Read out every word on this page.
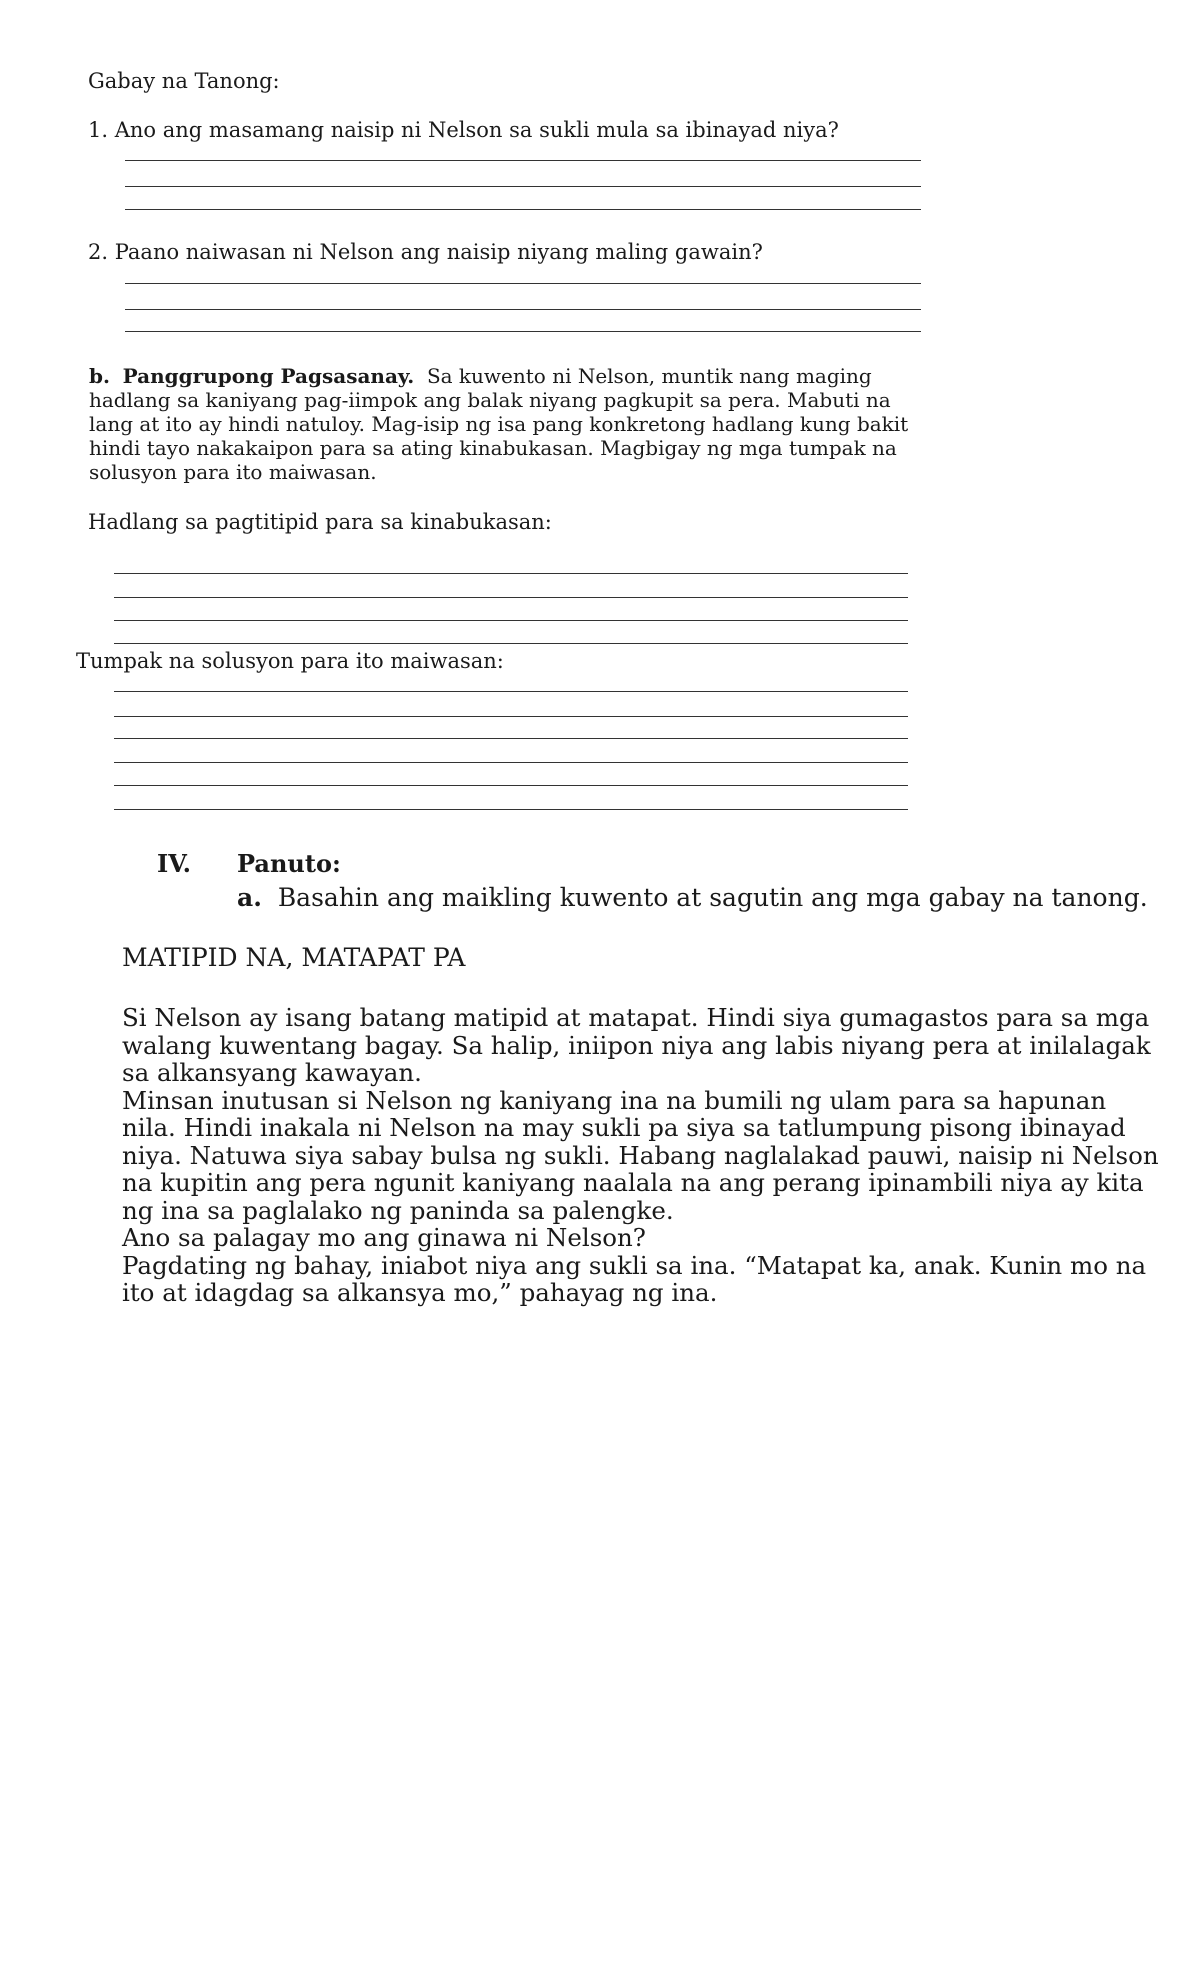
Gabay na Tanong:
1. Ano ang masamang naisip ni Nelson sa sukli mula sa ibinayad niya?
2. Paano naiwasan ni Nelson ang naisip niyang maling gawain?
b. Panggrupong Pagsasanay. Sa kuwento ni Nelson, muntik nang maging
hadlang sa kaniyang pag-iimpok ang balak niyang pagkupit sa pera. Mabuti na
lang at ito ay hindi natuloy. Mag-isip ng isa pang konkretong hadlang kung bakit
hindi tayo nakakaipon para sa ating kinabukasan. Magbigay ng mga tumpak na
solusyon para ito maiwasan.
Hadlang sa pagtitipid para sa kinabukasan:
Tumpak na solusyon para ito maiwasan:
IV. Panuto:
a. Basahin ang maikling kuwento at sagutin ang mga gabay na tanong.
MATIPID NA, MATAPAT PA
Si Nelson ay isang batang matipid at matapat. Hindi siya gumagastos para sa mga
walang kuwentang bagay. Sa halip, iniipon niya ang labis niyang pera at inilalagak
sa alkansyang kawayan.
Minsan inutusan si Nelson ng kaniyang ina na bumili ng ulam para sa hapunan
nila. Hindi inakala ni Nelson na may sukli pa siya sa tatlumpung pisong ibinayad
niya. Natuwa siya sabay bulsa ng sukli. Habang naglalakad pauwi, naisip ni Nelson
na kupitin ang pera ngunit kaniyang naalala na ang perang ipinambili niya ay kita
ng ina sa paglalako ng paninda sa palengke.
Ano sa palagay mo ang ginawa ni Nelson?
Pagdating ng bahay, iniabot niya ang sukli sa ina. “Matapat ka, anak. Kunin mo na
ito at idagdag sa alkansya mo,” pahayag ng ina.
